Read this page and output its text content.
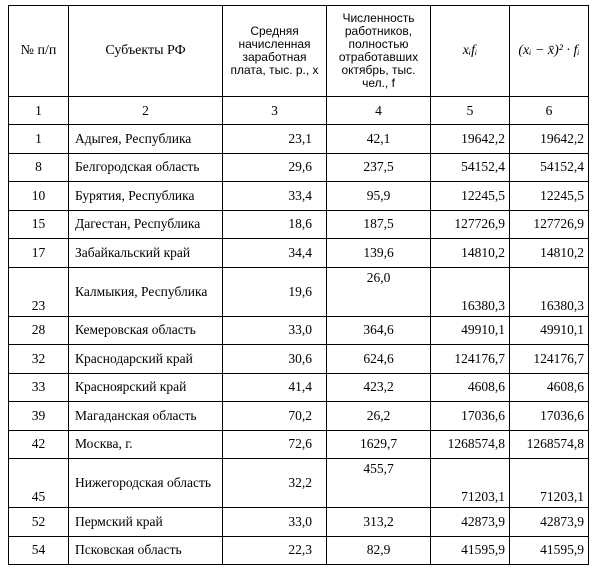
№ п/п	Субъекты РФ	Средняя начисленная заработная плата, тыс. р., х	Численность работников, полностью отработавших октябрь, тыс. чел., f	xᵢfᵢ	(xᵢ − x̄)² · fᵢ
1	2	3	4	5	6
1	Адыгея, Республика	23,1	42,1	19642,2	19642,2
8	Белгородская область	29,6	237,5	54152,4	54152,4
10	Бурятия, Республика	33,4	95,9	12245,5	12245,5
15	Дагестан, Республика	18,6	187,5	127726,9	127726,9
17	Забайкальский край	34,4	139,6	14810,2	14810,2
23	Калмыкия, Республика	19,6	26,0	16380,3	16380,3
28	Кемеровская область	33,0	364,6	49910,1	49910,1
32	Краснодарский край	30,6	624,6	124176,7	124176,7
33	Красноярский край	41,4	423,2	4608,6	4608,6
39	Магаданская область	70,2	26,2	17036,6	17036,6
42	Москва, г.	72,6	1629,7	1268574,8	1268574,8
45	Нижегородская область	32,2	455,7	71203,1	71203,1
52	Пермский край	33,0	313,2	42873,9	42873,9
54	Псковская область	22,3	82,9	41595,9	41595,9
